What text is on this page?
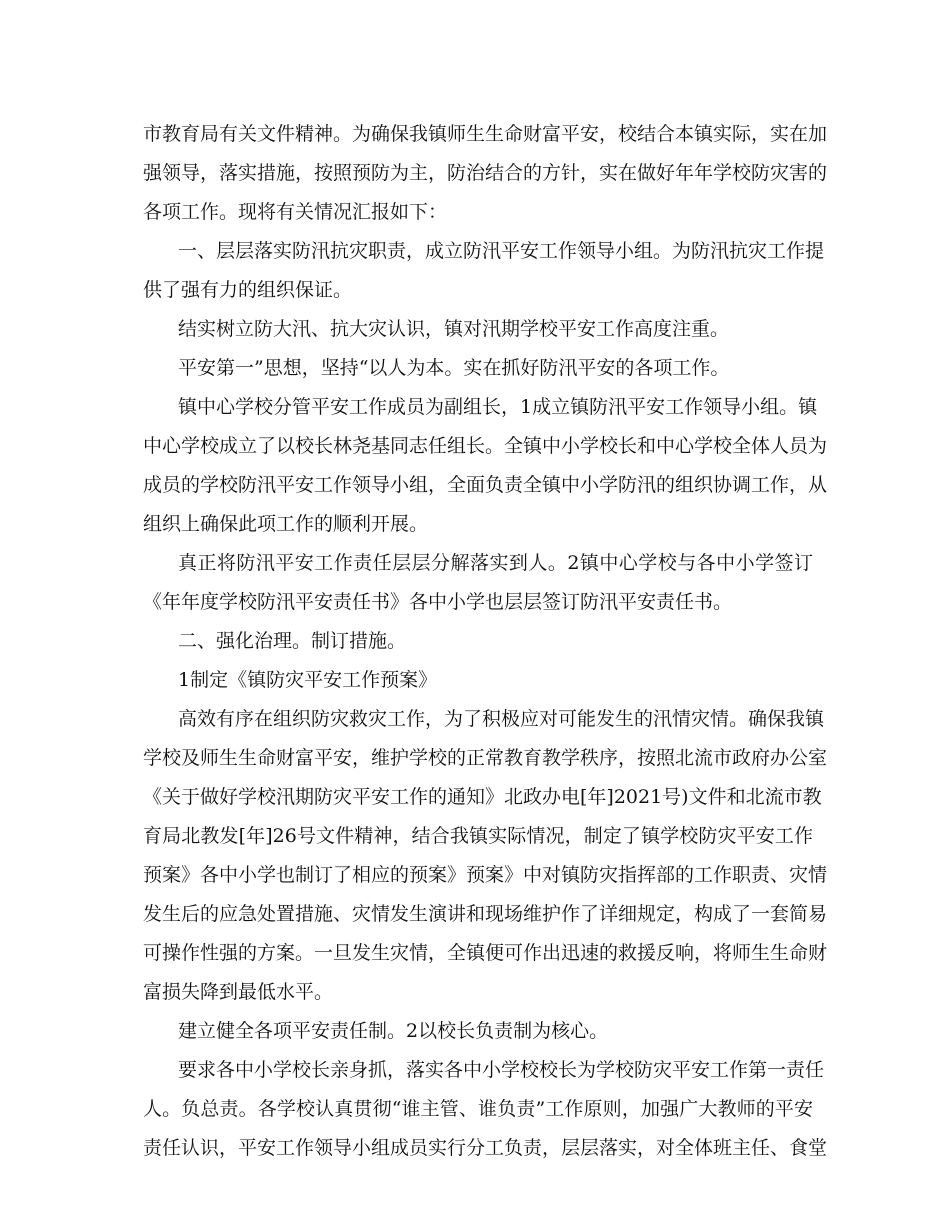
市教育局有关文件精神。为确保我镇师生生命财富平安，校结合本镇实际，实在加
强领导，落实措施，按照预防为主，防治结合的方针，实在做好年年学校防灾害的
各项工作。现将有关情况汇报如下：
一、层层落实防汛抗灾职责，成立防汛平安工作领导小组。为防汛抗灾工作提
供了强有力的组织保证。
结实树立防大汛、抗大灾认识，镇对汛期学校平安工作高度注重。
平安第一”思想，坚持“以人为本。实在抓好防汛平安的各项工作。
镇中心学校分管平安工作成员为副组长，1成立镇防汛平安工作领导小组。镇
中心学校成立了以校长林尧基同志任组长。全镇中小学校长和中心学校全体人员为
成员的学校防汛平安工作领导小组，全面负责全镇中小学防汛的组织协调工作，从
组织上确保此项工作的顺利开展。
真正将防汛平安工作责任层层分解落实到人。2镇中心学校与各中小学签订
《年年度学校防汛平安责任书》各中小学也层层签订防汛平安责任书。
二、强化治理。制订措施。
1制定《镇防灾平安工作预案》
高效有序在组织防灾救灾工作，为了积极应对可能发生的汛情灾情。确保我镇
学校及师生生命财富平安，维护学校的正常教育教学秩序，按照北流市政府办公室
《关于做好学校汛期防灾平安工作的通知》北政办电[年]2021号)文件和北流市教
育局北教发[年]26号文件精神，结合我镇实际情况，制定了镇学校防灾平安工作
预案》各中小学也制订了相应的预案》预案》中对镇防灾指挥部的工作职责、灾情
发生后的应急处置措施、灾情发生演讲和现场维护作了详细规定，构成了一套简易
可操作性强的方案。一旦发生灾情，全镇便可作出迅速的救援反响，将师生生命财
富损失降到最低水平。
建立健全各项平安责任制。2以校长负责制为核心。
要求各中小学校长亲身抓，落实各中小学校校长为学校防灾平安工作第一责任
人。负总责。各学校认真贯彻“谁主管、谁负责”工作原则，加强广大教师的平安
责任认识，平安工作领导小组成员实行分工负责，层层落实，对全体班主任、食堂
